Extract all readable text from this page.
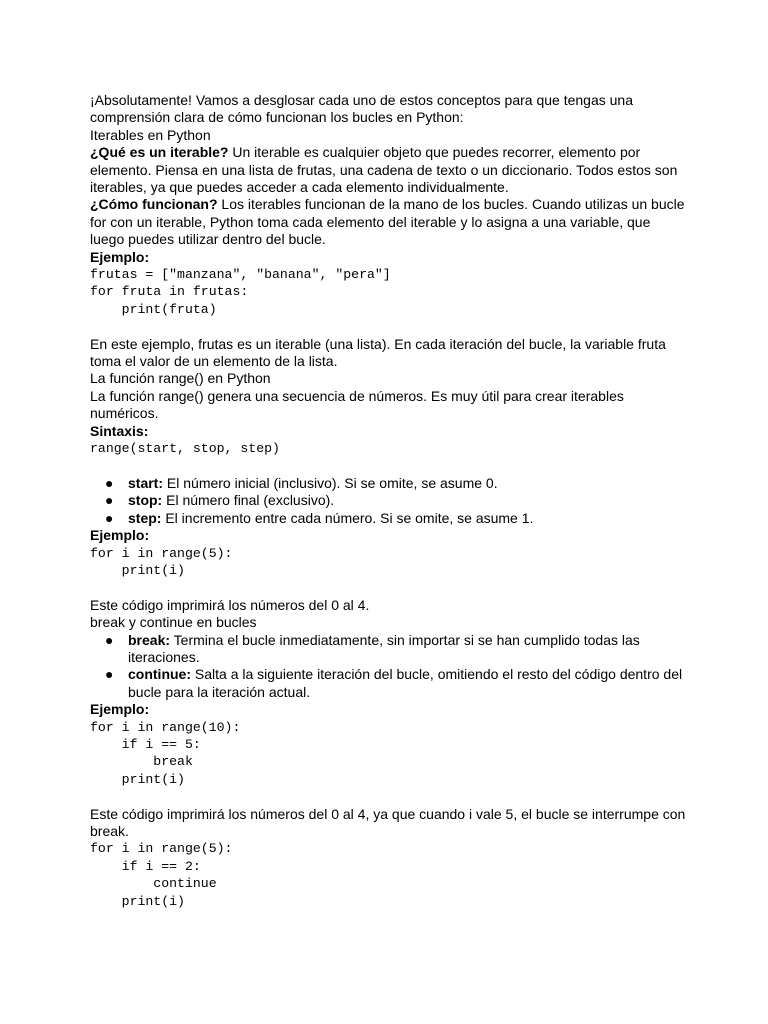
¡Absolutamente! Vamos a desglosar cada uno de estos conceptos para que tengas una
comprensión clara de cómo funcionan los bucles en Python:
Iterables en Python
¿Qué es un iterable? Un iterable es cualquier objeto que puedes recorrer, elemento por
elemento. Piensa en una lista de frutas, una cadena de texto o un diccionario. Todos estos son
iterables, ya que puedes acceder a cada elemento individualmente.
¿Cómo funcionan? Los iterables funcionan de la mano de los bucles. Cuando utilizas un bucle
for con un iterable, Python toma cada elemento del iterable y lo asigna a una variable, que
luego puedes utilizar dentro del bucle.
Ejemplo:
frutas = ["manzana", "banana", "pera"]
for fruta in frutas:
print(fruta)
En este ejemplo, frutas es un iterable (una lista). En cada iteración del bucle, la variable fruta
toma el valor de un elemento de la lista.
La función range() en Python
La función range() genera una secuencia de números. Es muy útil para crear iterables
numéricos.
Sintaxis:
range(start, stop, step)
● start: El número inicial (inclusivo). Si se omite, se asume 0.
● stop: El número final (exclusivo).
● step: El incremento entre cada número. Si se omite, se asume 1.
Ejemplo:
for i in range(5):
print(i)
Este código imprimirá los números del 0 al 4.
break y continue en bucles
● break: Termina el bucle inmediatamente, sin importar si se han cumplido todas las
iteraciones.
● continue: Salta a la siguiente iteración del bucle, omitiendo el resto del código dentro del
bucle para la iteración actual.
Ejemplo:
for i in range(10):
if i == 5:
break
print(i)
Este código imprimirá los números del 0 al 4, ya que cuando i vale 5, el bucle se interrumpe con
break.
for i in range(5):
if i == 2:
continue
print(i)
